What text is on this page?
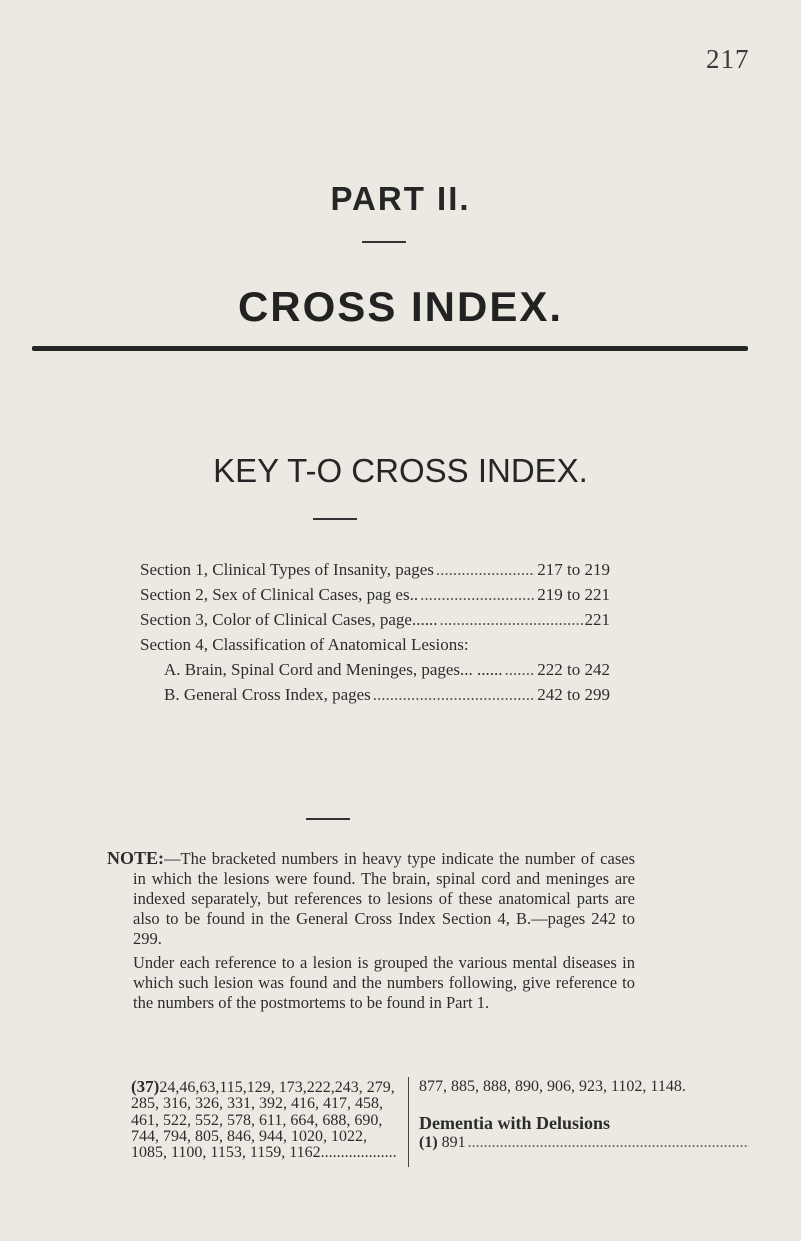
217
PART II.
CROSS INDEX.
KEY T-O CROSS INDEX.
Section 1, Clinical Types of Insanity, pages .....	217 to 219
Section 2, Sex of Clinical Cases, pag es.. .....	219 to 221
Section 3, Color of Clinical Cases, page...... .....	221
Section 4, Classification of Anatomical Lesions:
A. Brain, Spinal Cord and Meninges, pages... ...... ..... 222 to 242
B. General Cross Index, pages .....	242 to 299

NOTE:—The bracketed numbers in heavy type indicate the number of cases in which the lesions were found. The brain, spinal cord and meninges are indexed separately, but references to lesions of these anatomical parts are also to be found in the General Cross Index Section 4, B.—pages 242 to 299.

Under each reference to a lesion is grouped the various mental diseases in which such lesion was found and the numbers following, give reference to the numbers of the postmortems to be found in Part 1.

(37)24,46,63,115,129, 173,222,243, 279, 285, 316, 326, 331, 392, 416, 417, 458, 461, 522, 552, 578, 611, 664, 688, 690, 744, 794, 805, 846, 944, 1020, 1022, 1085, 1100, 1153, 1159, 1162...................
877, 885, 888, 890, 906, 923, 1102, 1148.
Dementia with Delusions
(1) 891
.....
